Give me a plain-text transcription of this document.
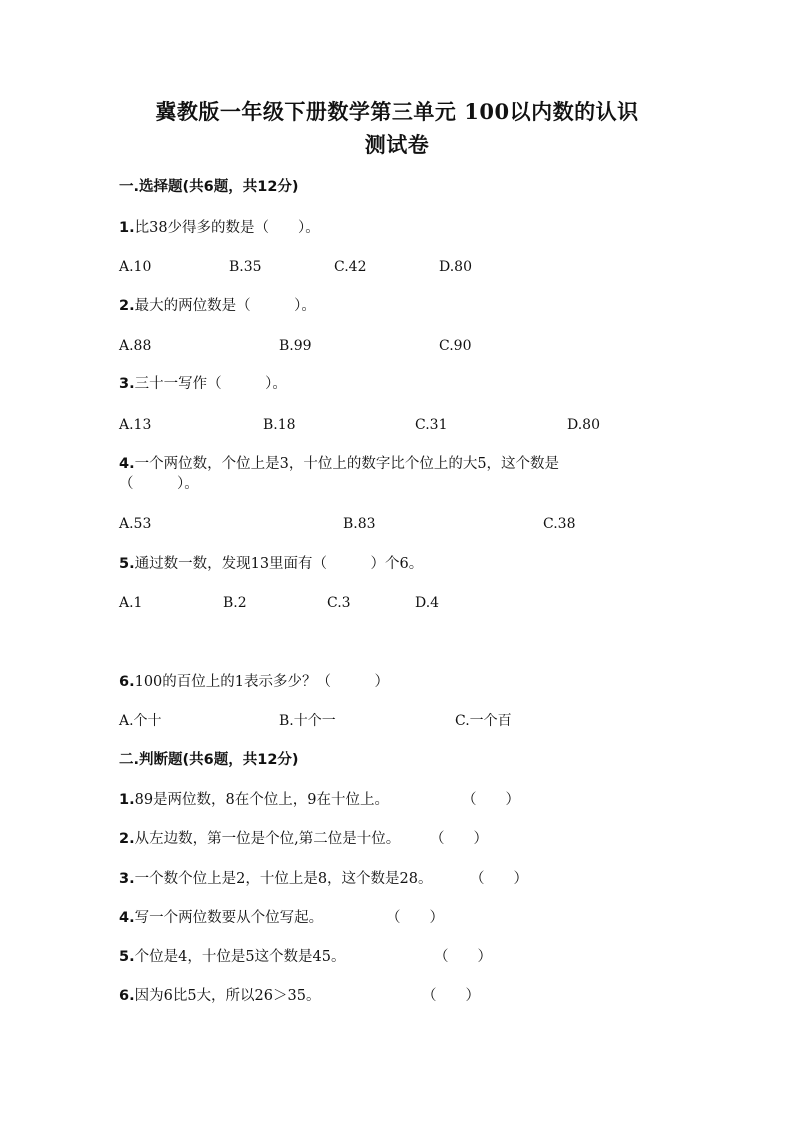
冀教版一年级下册数学第三单元 100以内数的认识
测试卷
一.选择题(共6题，共12分)
1.比38少得多的数是（　　）。
A.10	B.35	C.42	D.80
2.最大的两位数是（　　　）。
A.88	B.99	C.90
3.三十一写作（　　　）。
A.13	B.18	C.31	D.80
4.一个两位数，个位上是3，十位上的数字比个位上的大5，这个数是
（　　　）。
A.53	B.83	C.38
5.通过数一数，发现13里面有（　　　）个6。
A.1	B.2	C.3	D.4
6.100的百位上的1表示多少？（　　　）
A.个十	B.十个一	C.一个百
二.判断题(共6题，共12分)
1.89是两位数，8在个位上，9在十位上。	（　　）
2.从左边数，第一位是个位,第二位是十位。 （　　）
3.一个数个位上是2，十位上是8，这个数是28。	（　　）
4.写一个两位数要从个位写起。	（　　）
5.个位是4，十位是5这个数是45。	（　　）
6.因为6比5大，所以26＞35。	（　　）
